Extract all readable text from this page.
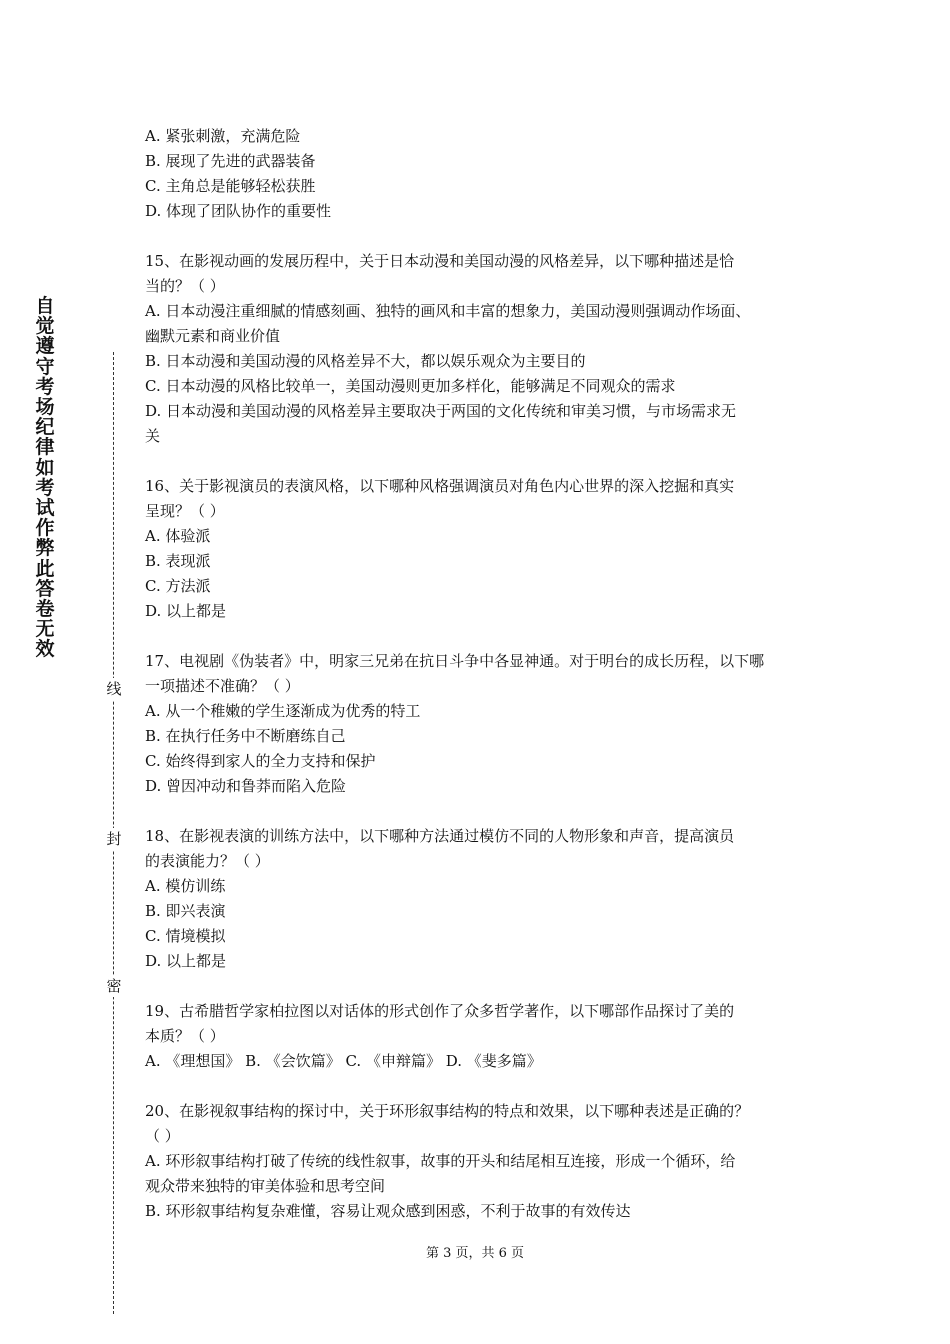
自觉遵守考场纪律如考试作弊此答卷无效
线
封
密
A. 紧张刺激，充满危险
B. 展现了先进的武器装备
C. 主角总是能够轻松获胜
D. 体现了团队协作的重要性
15、在影视动画的发展历程中，关于日本动漫和美国动漫的风格差异，以下哪种描述是恰
当的？（ ）
A. 日本动漫注重细腻的情感刻画、独特的画风和丰富的想象力，美国动漫则强调动作场面、
幽默元素和商业价值
B. 日本动漫和美国动漫的风格差异不大，都以娱乐观众为主要目的
C. 日本动漫的风格比较单一，美国动漫则更加多样化，能够满足不同观众的需求
D. 日本动漫和美国动漫的风格差异主要取决于两国的文化传统和审美习惯，与市场需求无
关
16、关于影视演员的表演风格，以下哪种风格强调演员对角色内心世界的深入挖掘和真实
呈现？（ ）
A. 体验派
B. 表现派
C. 方法派
D. 以上都是
17、电视剧《伪装者》中，明家三兄弟在抗日斗争中各显神通。对于明台的成长历程，以下哪
一项描述不准确？（ ）
A. 从一个稚嫩的学生逐渐成为优秀的特工
B. 在执行任务中不断磨练自己
C. 始终得到家人的全力支持和保护
D. 曾因冲动和鲁莽而陷入危险
18、在影视表演的训练方法中，以下哪种方法通过模仿不同的人物形象和声音，提高演员
的表演能力？（ ）
A. 模仿训练
B. 即兴表演
C. 情境模拟
D. 以上都是
19、古希腊哲学家柏拉图以对话体的形式创作了众多哲学著作，以下哪部作品探讨了美的
本质？（ ）
A. 《理想国》 B. 《会饮篇》 C. 《申辩篇》 D. 《斐多篇》
20、在影视叙事结构的探讨中，关于环形叙事结构的特点和效果，以下哪种表述是正确的？
（ ）
A. 环形叙事结构打破了传统的线性叙事，故事的开头和结尾相互连接，形成一个循环，给
观众带来独特的审美体验和思考空间
B. 环形叙事结构复杂难懂，容易让观众感到困惑，不利于故事的有效传达
第 3 页，共 6 页
